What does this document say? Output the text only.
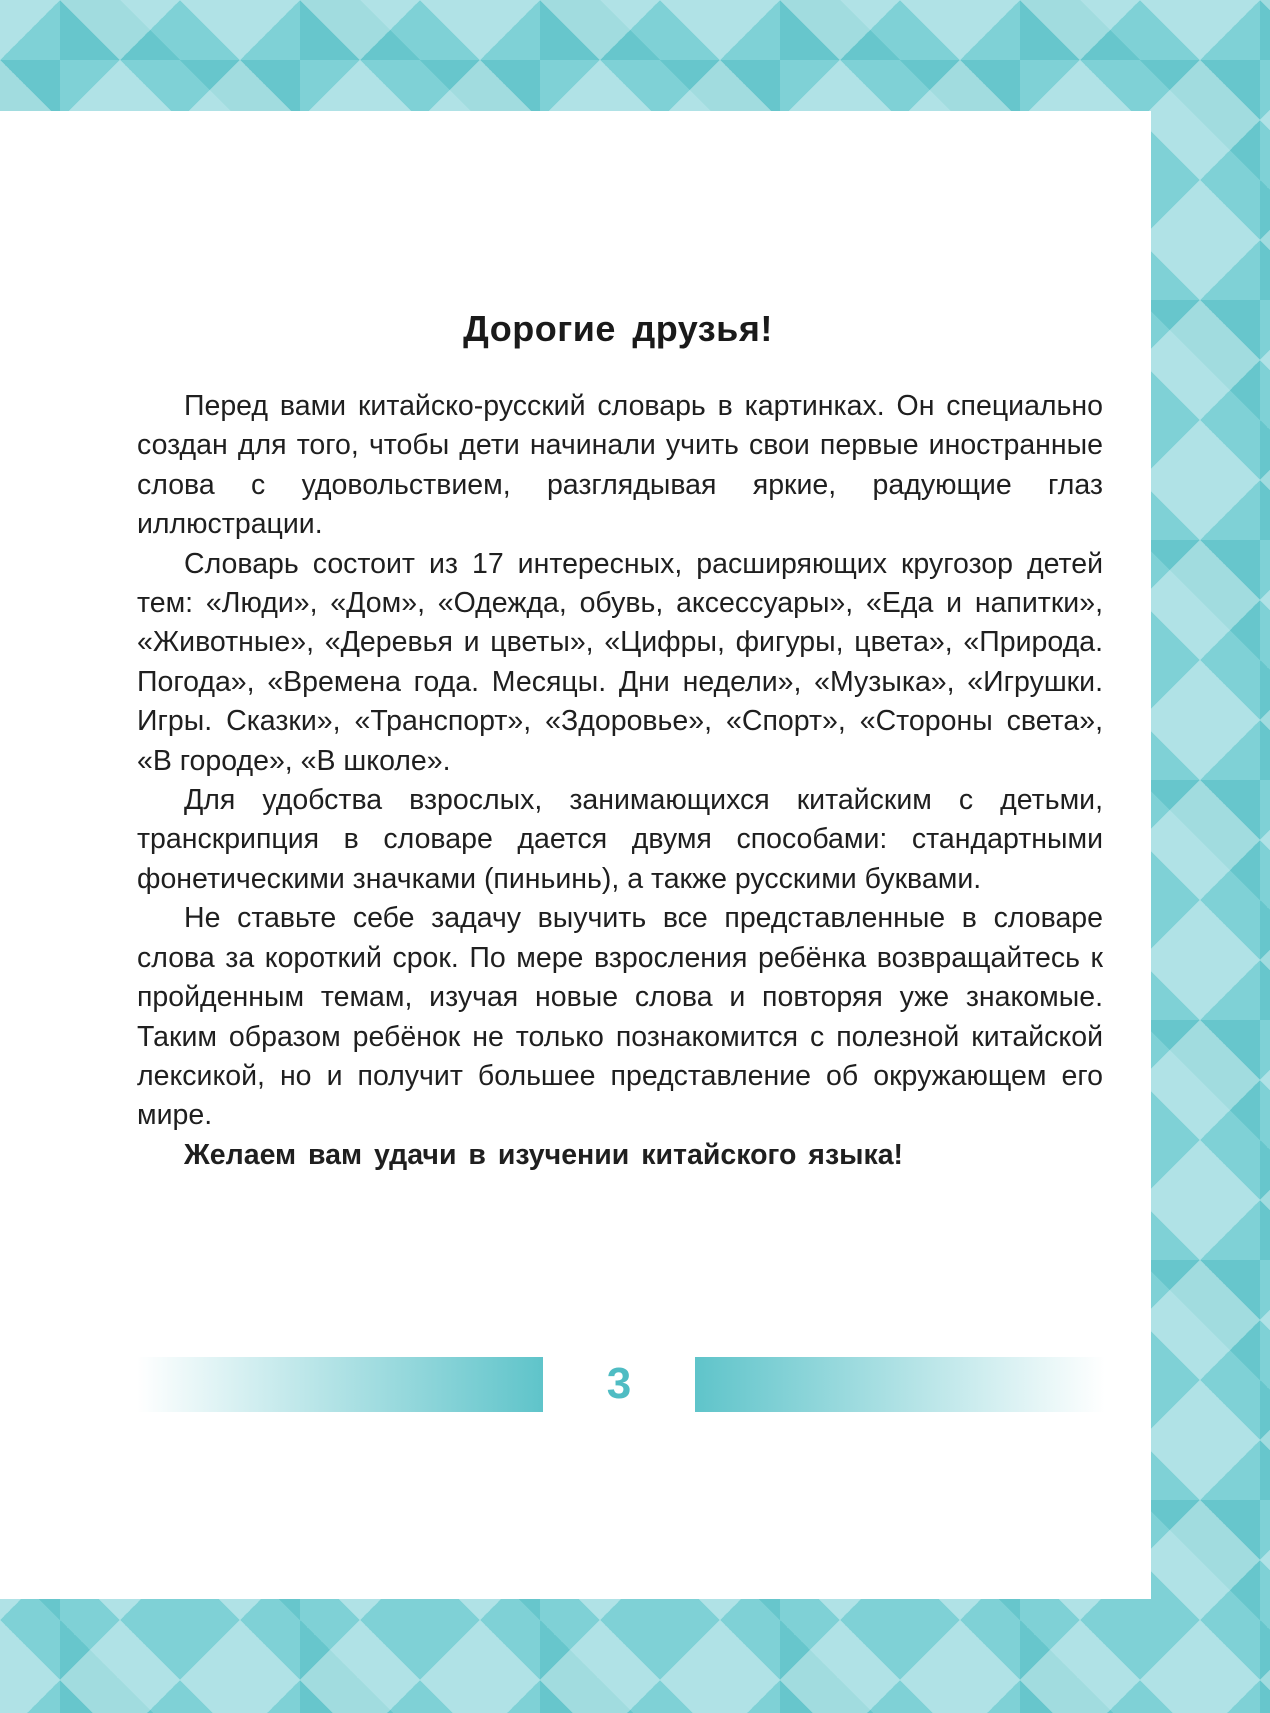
Дорогие друзья!

Перед вами китайско-русский словарь в картинках. Он специально создан для того, чтобы дети начинали учить свои первые иностранные слова с удовольствием, разглядывая яркие, радующие глаз иллюстрации.

Словарь состоит из 17 интересных, расширяющих кругозор детей тем: «Люди», «Дом», «Одежда, обувь, аксессуары», «Еда и напитки», «Животные», «Деревья и цветы», «Цифры, фигуры, цвета», «Природа. Погода», «Времена года. Месяцы. Дни недели», «Музыка», «Игрушки. Игры. Сказки», «Транспорт», «Здоровье», «Спорт», «Стороны света», «В городе», «В школе».

Для удобства взрослых, занимающихся китайским с детьми, транскрипция в словаре дается двумя способами: стандартными фонетическими значками (пиньинь), а также русскими буквами.

Не ставьте себе задачу выучить все представленные в словаре слова за короткий срок. По мере взросления ребёнка возвращайтесь к пройденным темам, изучая новые слова и повторяя уже знакомые. Таким образом ребёнок не только познакомится с полезной китайской лексикой, но и получит большее представление об окружающем его мире.

Желаем вам удачи в изучении китайского языка!

3
